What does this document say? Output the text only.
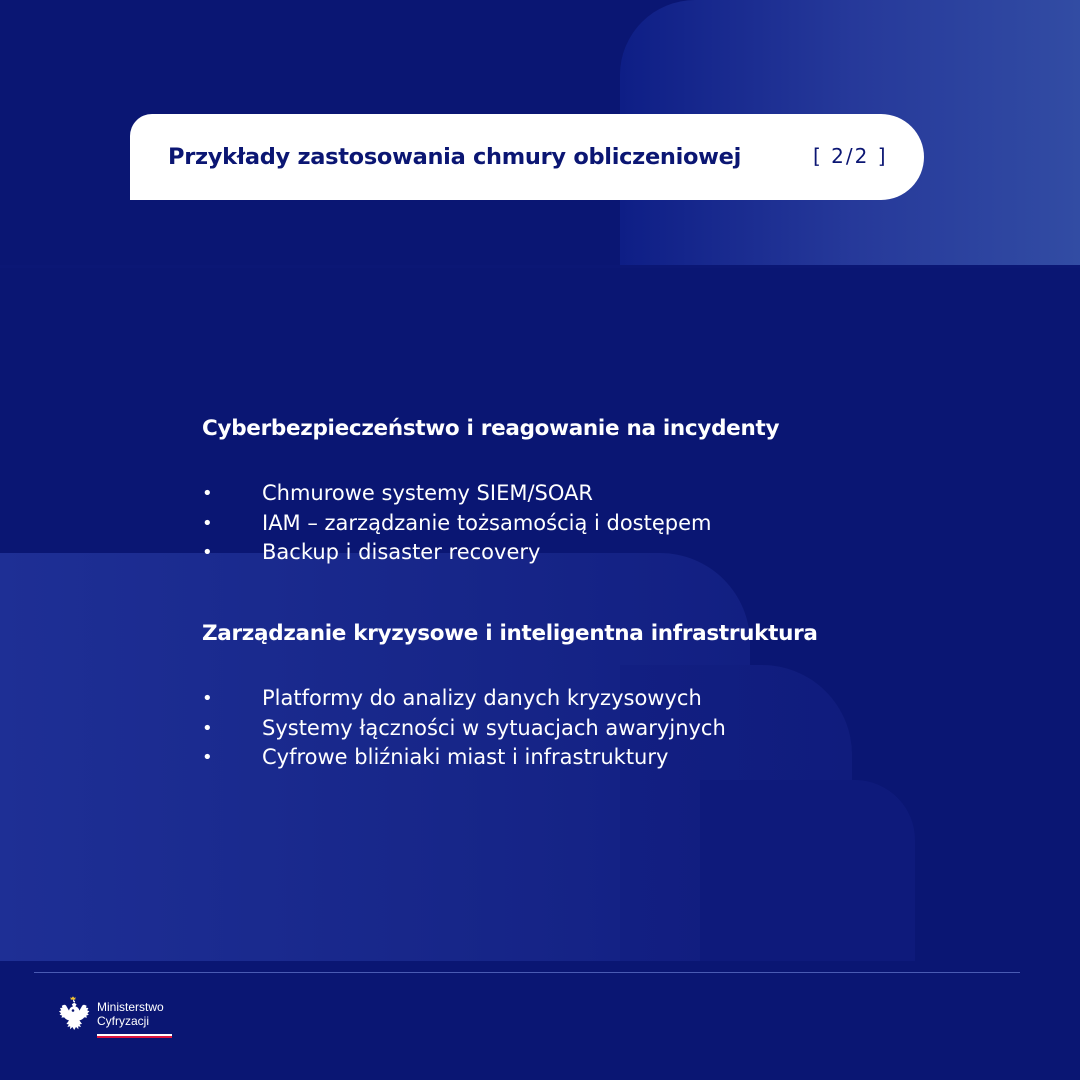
Przykłady zastosowania chmury obliczeniowej	[ 2/2 ]
Cyberbezpieczeństwo i reagowanie na incydenty
• Chmurowe systemy SIEM/SOAR
• IAM – zarządzanie tożsamością i dostępem
• Backup i disaster recovery
Zarządzanie kryzysowe i inteligentna infrastruktura
• Platformy do analizy danych kryzysowych
• Systemy łączności w sytuacjach awaryjnych
• Cyfrowe bliźniaki miast i infrastruktury
Ministerstwo
Cyfryzacji
